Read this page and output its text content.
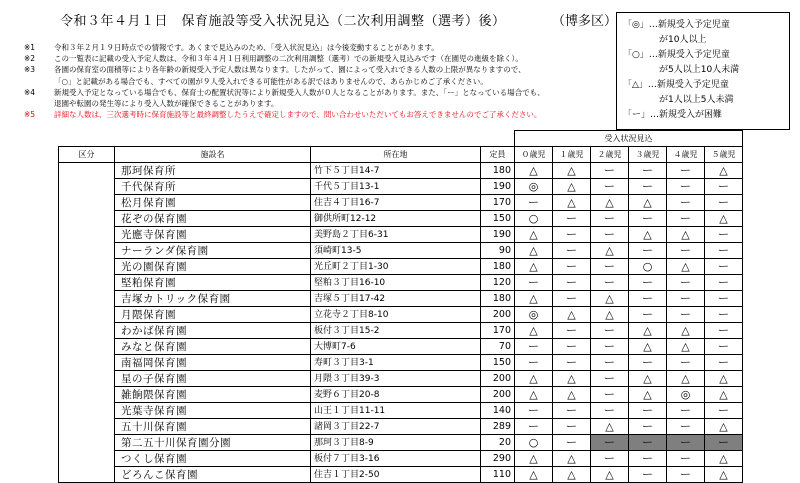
令和３年４月１日　保育施設等受入状況見込（二次利用調整（選考）後）	（博多区） 「◎」…新規受入予定児童
　　　　が10人以上
「○」…新規受入予定児童
　　　　が5人以上10人未満
「△」…新規受入予定児童
　　　　が1人以上5人未満
「ー」…新規受入が困難
※1	令和３年２月１９日時点での情報です。あくまで見込みのため、「受入状況見込」は今後変動することがあります。
※2	この一覧表に記載の受入予定人数は、令和３年４月１日利用調整の二次利用調整（選考）での新規受入見込みです（在園児の進級を除く）。
※3	各園の保育室の面積等により各年齢の新規受入予定人数は異なります。したがって、園によって受入れできる人数の上限が異なりますので、
「○」と記載がある場合でも、すべての園が９人受入れできる可能性がある訳ではありませんので、あらかじめご了承ください。
※4	新規受入予定となっている場合でも、保育士の配置状況等により新規受入人数が０人となることがあります。また、「ー」となっている場合でも、
退園や転園の発生等により受入人数が確保できることがあります。
※5	詳細な人数は、三次選考時に保育施設等と最終調整したうえで確定しますので、問い合わせいただいてもお答えできませんのでご了承ください。
				受入状況見込					
区分	施設名	所在地	定員	０歳児	１歳児	２歳児	３歳児	４歳児	５歳児
	那珂保育所	竹下５丁目14-7	180	△	△	ー	ー	ー	△
	千代保育所	千代５丁目13-1	190	◎	△	ー	ー	ー	ー
	松月保育園	住吉４丁目16-7	170	ー	△	△	△	ー	ー
	花ぞの保育園	御供所町12-12	150	○	ー	ー	ー	ー	△
	光應寺保育園	美野島２丁目6-31	190	△	ー	ー	△	△	ー
	ナーランダ保育園	須崎町13-5	90	△	ー	△	ー	ー	ー
	光の園保育園	光丘町２丁目1-30	180	△	ー	ー	○	△	ー
	堅粕保育園	堅粕３丁目16-10	120	ー	ー	ー	ー	ー	ー
	吉塚カトリック保育園	吉塚５丁目17-42	180	△	ー	△	ー	ー	ー
	月隈保育園	立花寺２丁目8-10	200	◎	△	△	ー	ー	ー
	わかば保育園	板付３丁目15-2	170	△	ー	ー	△	△	ー
	みなと保育園	大博町7-6	70	ー	ー	ー	△	△	ー
	南福岡保育園	寿町３丁目3-1	150	ー	ー	ー	ー	ー	ー
	星の子保育園	月隈３丁目39-3	200	△	△	ー	△	△	△
	雑餉隈保育園	麦野６丁目20-8	200	△	△	ー	△	◎	△
	光葉寺保育園	山王１丁目11-11	140	ー	ー	ー	ー	ー	ー
	五十川保育園	諸岡３丁目22-7	289	ー	ー	△	ー	ー	△
	第二五十川保育園分園	那珂３丁目8-9	20	○	ー	ー	ー	ー	ー
	つくし保育園	板付７丁目3-16	290	△	△	ー	ー	ー	△
	どろんこ保育園	住吉１丁目2-50	110	△	△	△	ー	ー	△
